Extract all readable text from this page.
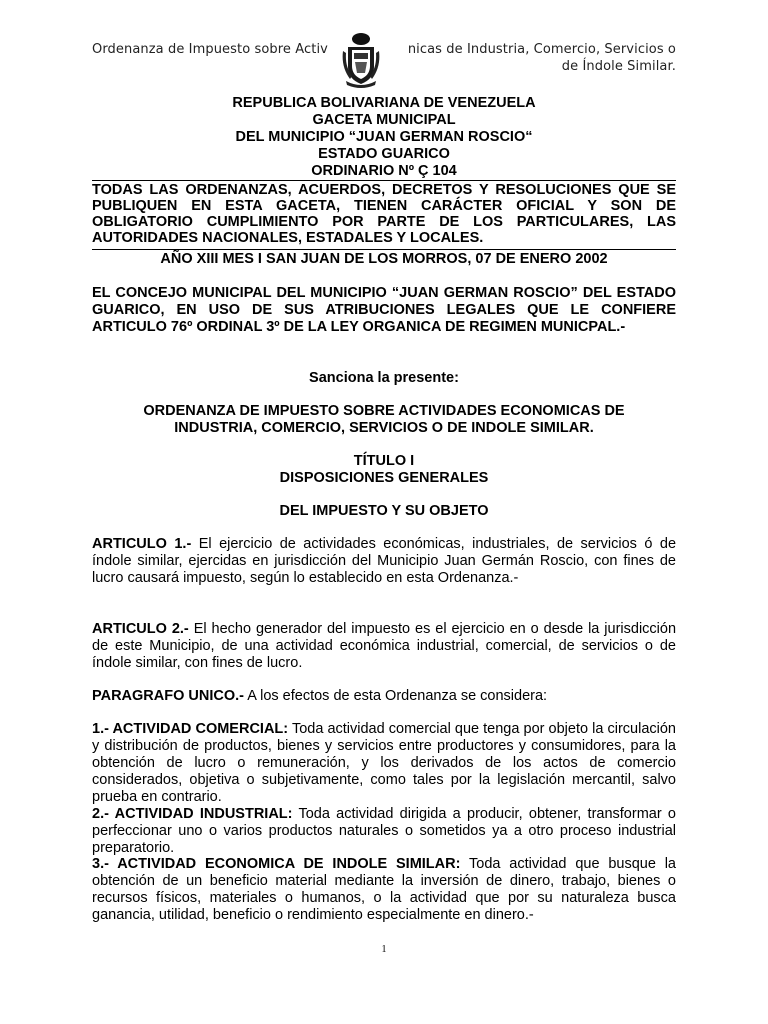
Ordenanza de Impuesto sobre Activ	nicas de Industria, Comercio, Servicios o
de Índole Similar.
REPUBLICA BOLIVARIANA DE VENEZUELA
GACETA MUNICIPAL
DEL MUNICIPIO “JUAN GERMAN ROSCIO“
ESTADO GUARICO
ORDINARIO Nº Ç 104
TODAS LAS ORDENANZAS, ACUERDOS, DECRETOS Y RESOLUCIONES QUE SE PUBLIQUEN EN ESTA GACETA, TIENEN CARÁCTER OFICIAL Y SON DE OBLIGATORIO CUMPLIMIENTO POR PARTE DE LOS PARTICULARES, LAS AUTORIDADES NACIONALES, ESTADALES Y LOCALES.
AÑO XIII MES I SAN JUAN DE LOS MORROS, 07 DE ENERO 2002
EL CONCEJO MUNICIPAL DEL MUNICIPIO “JUAN GERMAN ROSCIO” DEL ESTADO GUARICO, EN USO DE SUS ATRIBUCIONES LEGALES QUE LE CONFIERE ARTICULO 76º ORDINAL 3º DE LA LEY ORGANICA DE REGIMEN MUNICPAL.-
Sanciona la presente:
ORDENANZA DE IMPUESTO SOBRE ACTIVIDADES ECONOMICAS DE
INDUSTRIA, COMERCIO, SERVICIOS O DE INDOLE SIMILAR.
TÍTULO I
DISPOSICIONES GENERALES
DEL IMPUESTO Y SU OBJETO
ARTICULO 1.- El ejercicio de actividades económicas, industriales, de servicios ó de índole similar, ejercidas en jurisdicción del Municipio Juan Germán Roscio, con fines de lucro causará impuesto, según lo establecido en esta Ordenanza.-
ARTICULO 2.- El hecho generador del impuesto es el ejercicio en o desde la jurisdicción de este Municipio, de una actividad económica industrial, comercial, de servicios o de índole similar, con fines de lucro.
PARAGRAFO UNICO.- A los efectos de esta Ordenanza se considera:
1.- ACTIVIDAD COMERCIAL: Toda actividad comercial que tenga por objeto la circulación y distribución de productos, bienes y servicios entre productores y consumidores, para la obtención de lucro o remuneración, y los derivados de los actos de comercio considerados, objetiva o subjetivamente, como tales por la legislación mercantil, salvo prueba en contrario.
2.- ACTIVIDAD INDUSTRIAL: Toda actividad dirigida a producir, obtener, transformar o perfeccionar uno o varios productos naturales o sometidos ya a otro proceso industrial preparatorio.
3.- ACTIVIDAD ECONOMICA DE INDOLE SIMILAR: Toda actividad que busque la obtención de un beneficio material mediante la inversión de dinero, trabajo, bienes o recursos físicos, materiales o humanos, o la actividad que por su naturaleza busca ganancia, utilidad, beneficio o rendimiento especialmente en dinero.-
1
